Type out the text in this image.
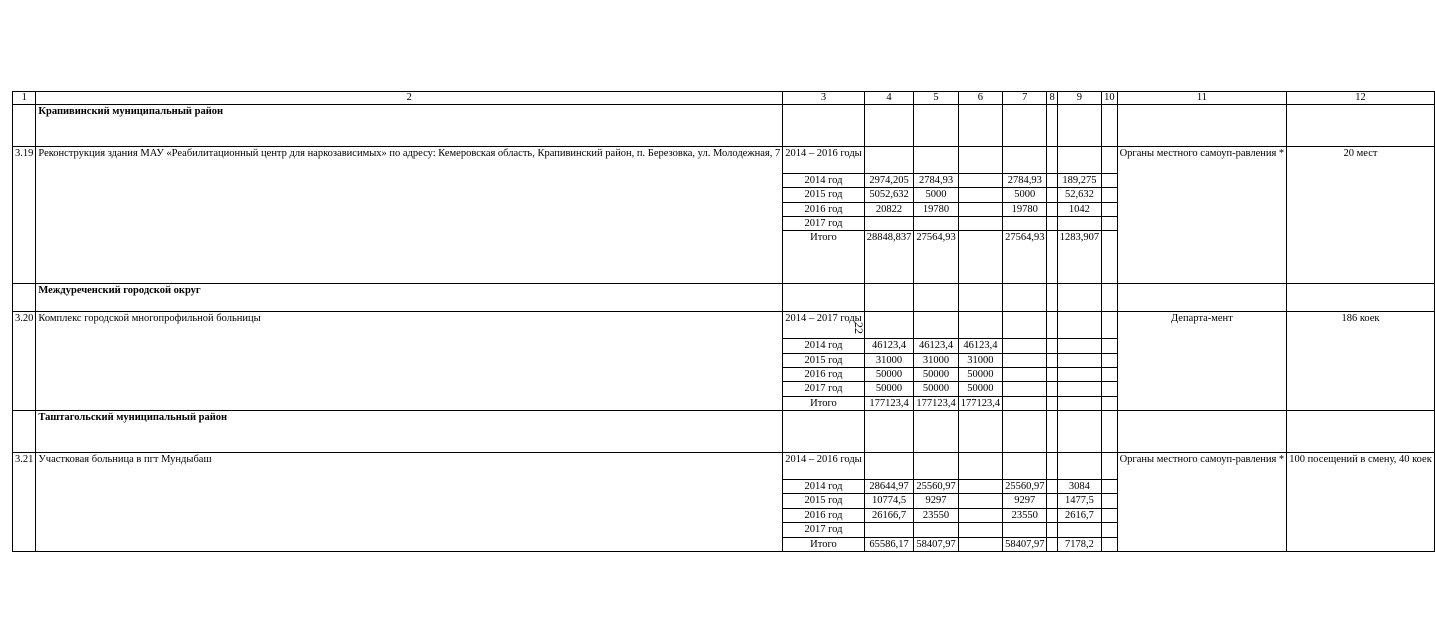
1	2	3	4	5	6	7	8	9	10	11	12
	Крапивинский муниципальный район										
3.19	Реконструкция здания МАУ «Реабилитационный центр для наркозависимых» по адресу: Кемеровская область, Крапивинский район, п. Березовка, ул. Молодежная, 7	2014 – 2016 годы								Органы местного самоуп-равления *	20 мест
		2014 год	2974,205	2784,93		2784,93		189,275			
		2015 год	5052,632	5000		5000		52,632			
		2016 год	20822	19780		19780		1042			
		2017 год									
		Итого	28848,837	27564,93		27564,93		1283,907			
	Междуреченский городской округ										
3.20	Комплекс городской многопрофильной больницы	2014 – 2017 годы								Департа-мент	186 коек
		2014 год	46123,4	46123,4	46123,4						
		2015 год	31000	31000	31000						
		2016 год	50000	50000	50000						
		2017 год	50000	50000	50000						
		Итого	177123,4	177123,4	177123,4						
	Таштагольский муниципальный район										
3.21	Участковая больница в пгт Мундыбаш	2014 – 2016 годы								Органы местного самоуп-равления *	100 посещений в смену, 40 коек
		2014 год	28644,97	25560,97		25560,97		3084			
		2015 год	10774,5	9297		9297		1477,5			
		2016 год	26166,7	23550		23550		2616,7			
		2017 год									
		Итого	65586,17	58407,97		58407,97		7178,2			
22
